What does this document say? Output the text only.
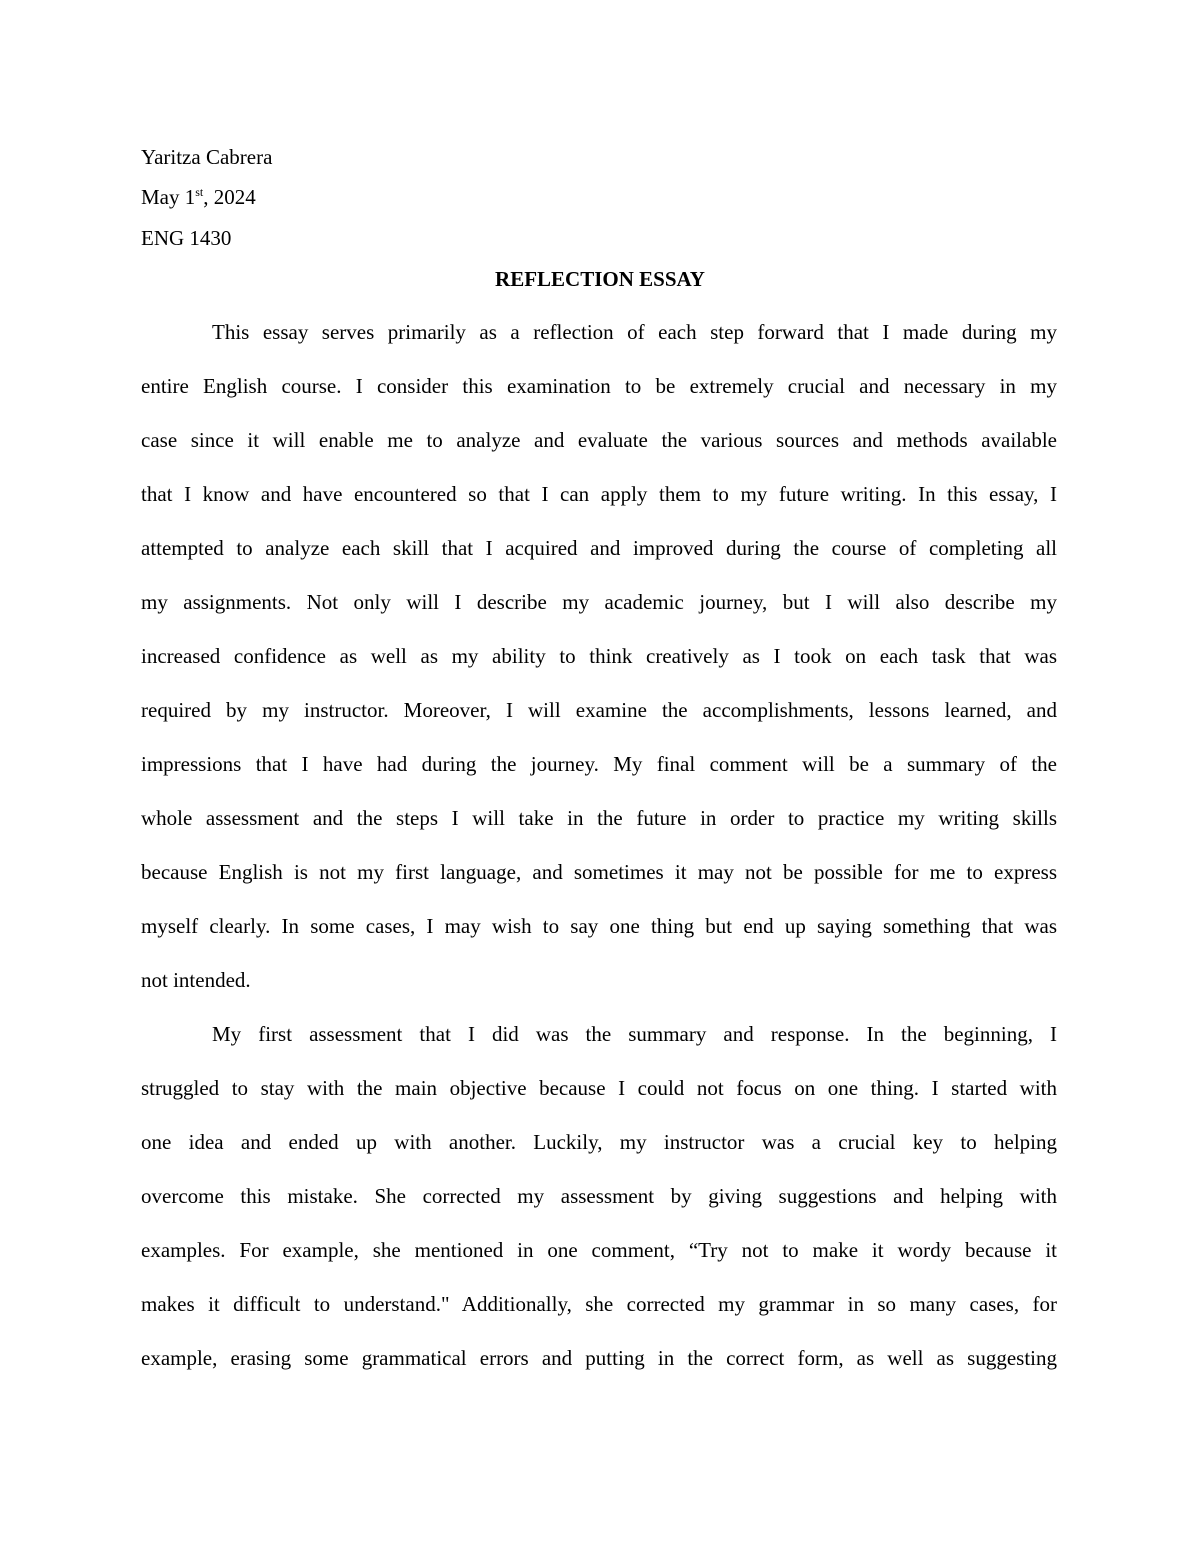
Yaritza Cabrera
May 1st, 2024
ENG 1430
REFLECTION ESSAY
This essay serves primarily as a reflection of each step forward that I made during my
entire English course. I consider this examination to be extremely crucial and necessary in my
case since it will enable me to analyze and evaluate the various sources and methods available
that I know and have encountered so that I can apply them to my future writing. In this essay, I
attempted to analyze each skill that I acquired and improved during the course of completing all
my assignments. Not only will I describe my academic journey, but I will also describe my
increased confidence as well as my ability to think creatively as I took on each task that was
required by my instructor. Moreover, I will examine the accomplishments, lessons learned, and
impressions that I have had during the journey. My final comment will be a summary of the
whole assessment and the steps I will take in the future in order to practice my writing skills
because English is not my first language, and sometimes it may not be possible for me to express
myself clearly. In some cases, I may wish to say one thing but end up saying something that was
not intended.
My first assessment that I did was the summary and response. In the beginning, I
struggled to stay with the main objective because I could not focus on one thing. I started with
one idea and ended up with another. Luckily, my instructor was a crucial key to helping
overcome this mistake. She corrected my assessment by giving suggestions and helping with
examples. For example, she mentioned in one comment, “Try not to make it wordy because it
makes it difficult to understand." Additionally, she corrected my grammar in so many cases, for
example, erasing some grammatical errors and putting in the correct form, as well as suggesting
